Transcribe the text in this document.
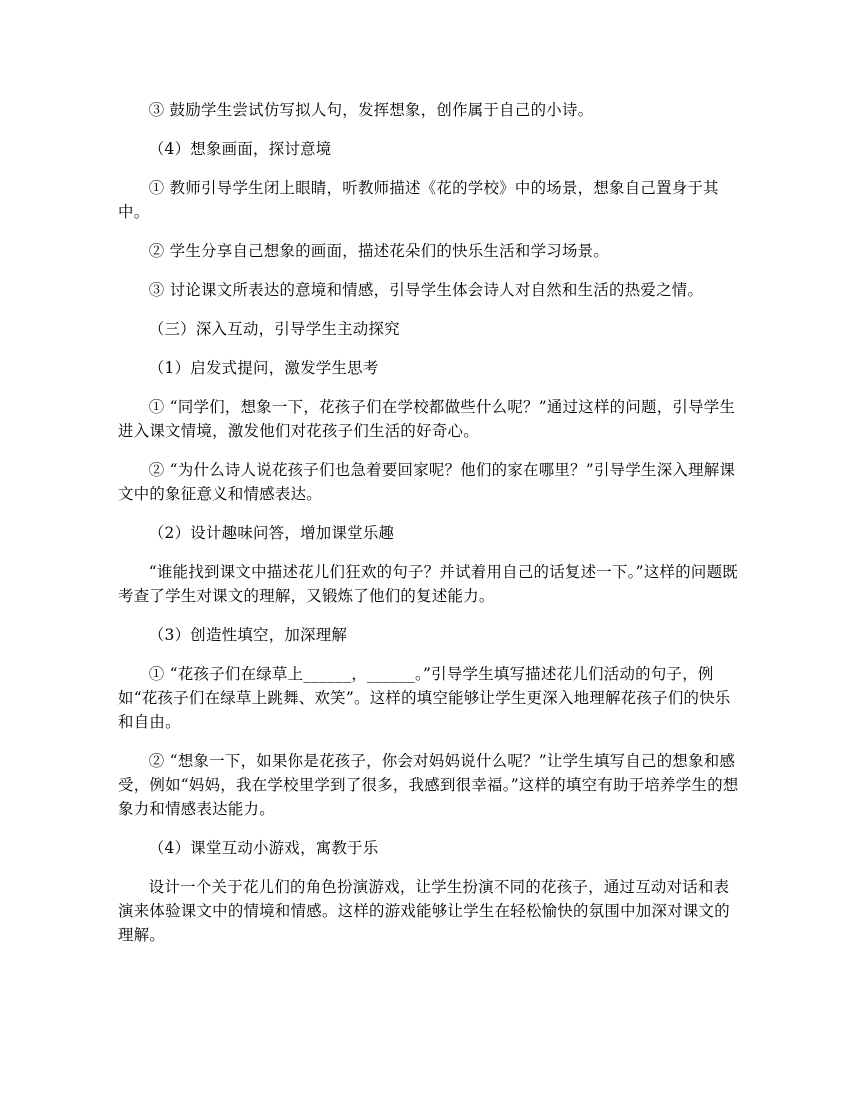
③ 鼓励学生尝试仿写拟人句，发挥想象，创作属于自己的小诗。

（4）想象画面，探讨意境

① 教师引导学生闭上眼睛，听教师描述《花的学校》中的场景，想象自己置身于其中。

② 学生分享自己想象的画面，描述花朵们的快乐生活和学习场景。

③ 讨论课文所表达的意境和情感，引导学生体会诗人对自然和生活的热爱之情。

（三）深入互动，引导学生主动探究

（1）启发式提问，激发学生思考

① “同学们，想象一下，花孩子们在学校都做些什么呢？”通过这样的问题，引导学生进入课文情境，激发他们对花孩子们生活的好奇心。

② “为什么诗人说花孩子们也急着要回家呢？他们的家在哪里？”引导学生深入理解课文中的象征意义和情感表达。

（2）设计趣味问答，增加课堂乐趣

“谁能找到课文中描述花儿们狂欢的句子？并试着用自己的话复述一下。”这样的问题既考查了学生对课文的理解，又锻炼了他们的复述能力。

（3）创造性填空，加深理解

① “花孩子们在绿草上______，______。”引导学生填写描述花儿们活动的句子，例如“花孩子们在绿草上跳舞、欢笑”。这样的填空能够让学生更深入地理解花孩子们的快乐和自由。

② “想象一下，如果你是花孩子，你会对妈妈说什么呢？”让学生填写自己的想象和感受，例如“妈妈，我在学校里学到了很多，我感到很幸福。”这样的填空有助于培养学生的想象力和情感表达能力。

（4）课堂互动小游戏，寓教于乐

设计一个关于花儿们的角色扮演游戏，让学生扮演不同的花孩子，通过互动对话和表演来体验课文中的情境和情感。这样的游戏能够让学生在轻松愉快的氛围中加深对课文的理解。
